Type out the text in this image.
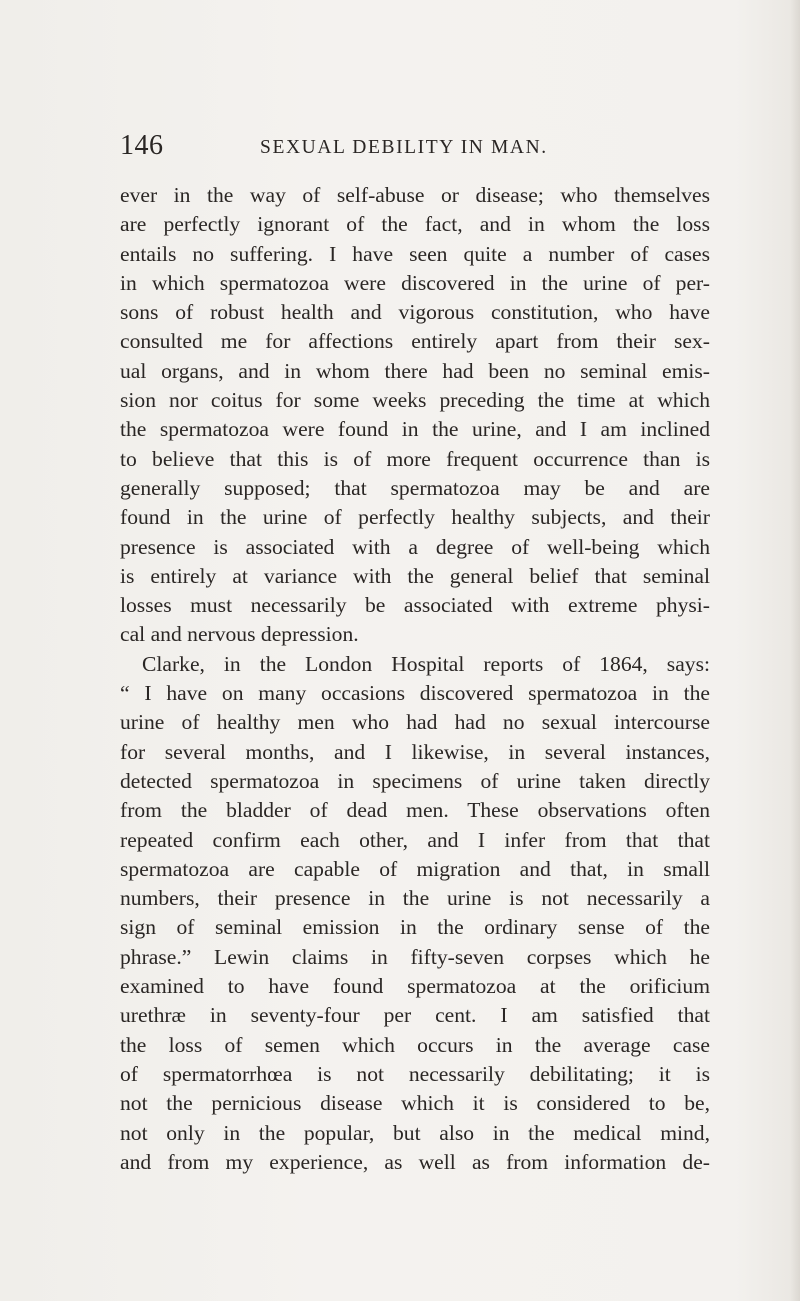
146	SEXUAL DEBILITY IN MAN.
ever in the way of self-abuse or disease; who themselves
are perfectly ignorant of the fact, and in whom the loss
entails no suffering. I have seen quite a number of cases
in which spermatozoa were discovered in the urine of per-
sons of robust health and vigorous constitution, who have
consulted me for affections entirely apart from their sex-
ual organs, and in whom there had been no seminal emis-
sion nor coitus for some weeks preceding the time at which
the spermatozoa were found in the urine, and I am inclined
to believe that this is of more frequent occurrence than is
generally supposed; that spermatozoa may be and are
found in the urine of perfectly healthy subjects, and their
presence is associated with a degree of well-being which
is entirely at variance with the general belief that seminal
losses must necessarily be associated with extreme physi-
cal and nervous depression.
Clarke, in the London Hospital reports of 1864, says:
“ I have on many occasions discovered spermatozoa in the
urine of healthy men who had had no sexual intercourse
for several months, and I likewise, in several instances,
detected spermatozoa in specimens of urine taken directly
from the bladder of dead men. These observations often
repeated confirm each other, and I infer from that that
spermatozoa are capable of migration and that, in small
numbers, their presence in the urine is not necessarily a
sign of seminal emission in the ordinary sense of the
phrase.” Lewin claims in fifty-seven corpses which he
examined to have found spermatozoa at the orificium
urethræ in seventy-four per cent. I am satisfied that
the loss of semen which occurs in the average case
of spermatorrhœa is not necessarily debilitating; it is
not the pernicious disease which it is considered to be,
not only in the popular, but also in the medical mind,
and from my experience, as well as from information de-
